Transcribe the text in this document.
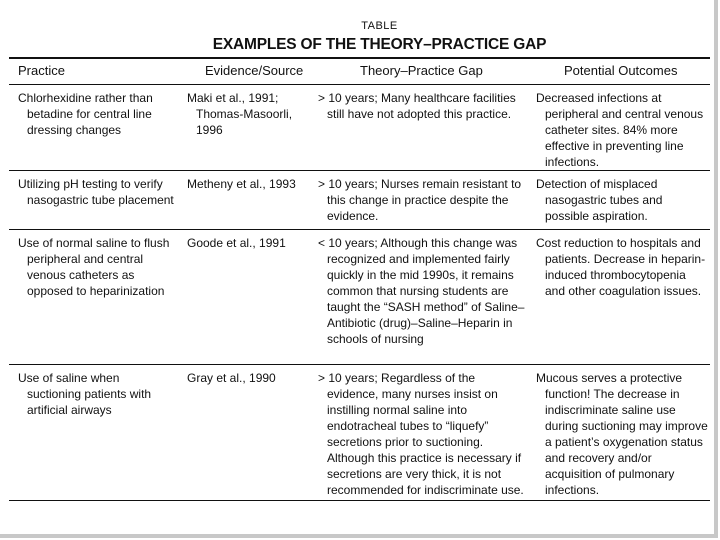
TABLE
EXAMPLES OF THE THEORY–PRACTICE GAP
Practice	Evidence/Source	Theory–Practice Gap	Potential Outcomes

Chlorhexidine rather than betadine for central line dressing changes	Maki et al., 1991; Thomas-Masoorli, 1996	> 10 years; Many healthcare facilities still have not adopted this practice.	Decreased infections at peripheral and central venous catheter sites. 84% more effective in preventing line infections.

Utilizing pH testing to verify nasogastric tube placement	Metheny et al., 1993	> 10 years; Nurses remain resistant to this change in practice despite the evidence.	Detection of misplaced nasogastric tubes and possible aspiration.

Use of normal saline to flush peripheral and central venous catheters as opposed to heparinization	Goode et al., 1991	< 10 years; Although this change was recognized and implemented fairly quickly in the mid 1990s, it remains common that nursing students are taught the “SASH method” of Saline–Antibiotic (drug)–Saline–Heparin in schools of nursing	Cost reduction to hospitals and patients. Decrease in heparin-induced thrombocytopenia and other coagulation issues.

Use of saline when suctioning patients with artificial airways	Gray et al., 1990	> 10 years; Regardless of the evidence, many nurses insist on instilling normal saline into endotracheal tubes to “liquefy” secretions prior to suctioning. Although this practice is necessary if secretions are very thick, it is not recommended for indiscriminate use.	Mucous serves a protective function! The decrease in indiscriminate saline use during suctioning may improve a patient’s oxygenation status and recovery and/or acquisition of pulmonary infections.
